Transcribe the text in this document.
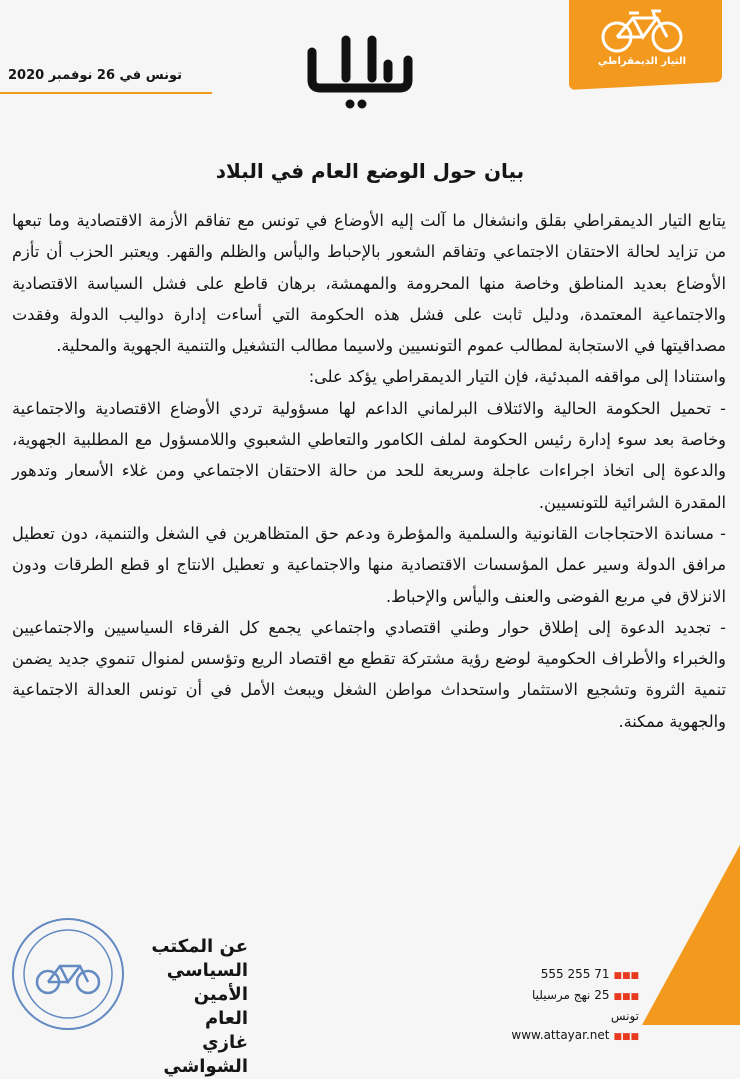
التيار الديمقراطي
تونس في 26 نوفمبر 2020
بيان حول الوضع العام في البلاد

يتابع التيار الديمقراطي بقلق وانشغال ما آلت إليه الأوضاع في تونس مع تفاقم الأزمة الاقتصادية وما تبعها من تزايد لحالة الاحتقان الاجتماعي وتفاقم الشعور بالإحباط واليأس والظلم والقهر. ويعتبر الحزب أن تأزم الأوضاع بعديد المناطق وخاصة منها المحرومة والمهمشة، برهان قاطع على فشل السياسة الاقتصادية والاجتماعية المعتمدة، ودليل ثابت على فشل هذه الحكومة التي أساءت إدارة دواليب الدولة وفقدت مصداقيتها في الاستجابة لمطالب عموم التونسيين ولاسيما مطالب التشغيل والتنمية الجهوية والمحلية.

واستنادا إلى مواقفه المبدئية، فإن التيار الديمقراطي يؤكد على:

- تحميل الحكومة الحالية والائتلاف البرلماني الداعم لها مسؤولية تردي الأوضاع الاقتصادية والاجتماعية وخاصة بعد سوء إدارة رئيس الحكومة لملف الكامور والتعاطي الشعبوي واللامسؤول مع المطلبية الجهوية، والدعوة إلى اتخاذ اجراءات عاجلة وسريعة للحد من حالة الاحتقان الاجتماعي ومن غلاء الأسعار وتدهور المقدرة الشرائية للتونسيين.

- مساندة الاحتجاجات القانونية والسلمية والمؤطرة ودعم حق المتظاهرين في الشغل والتنمية، دون تعطيل مرافق الدولة وسير عمل المؤسسات الاقتصادية منها والاجتماعية و تعطيل الانتاج او قطع الطرقات ودون الانزلاق في مربع الفوضى والعنف واليأس والإحباط.

- تجديد الدعوة إلى إطلاق حوار وطني اقتصادي واجتماعي يجمع كل الفرقاء السياسيين والاجتماعيين والخبراء والأطراف الحكومية لوضع رؤية مشتركة تقطع مع اقتصاد الريع وتؤسس لمنوال تنموي جديد يضمن تنمية الثروة وتشجيع الاستثمار واستحداث مواطن الشغل ويبعث الأمل في أن تونس العدالة الاجتماعية والجهوية ممكنة.

عن المكتب السياسي
الأمين العام
غازي الشواشي
■■■71 255 555
■■■25 نهج مرسيليا تونس
■■■www.attayar.net
